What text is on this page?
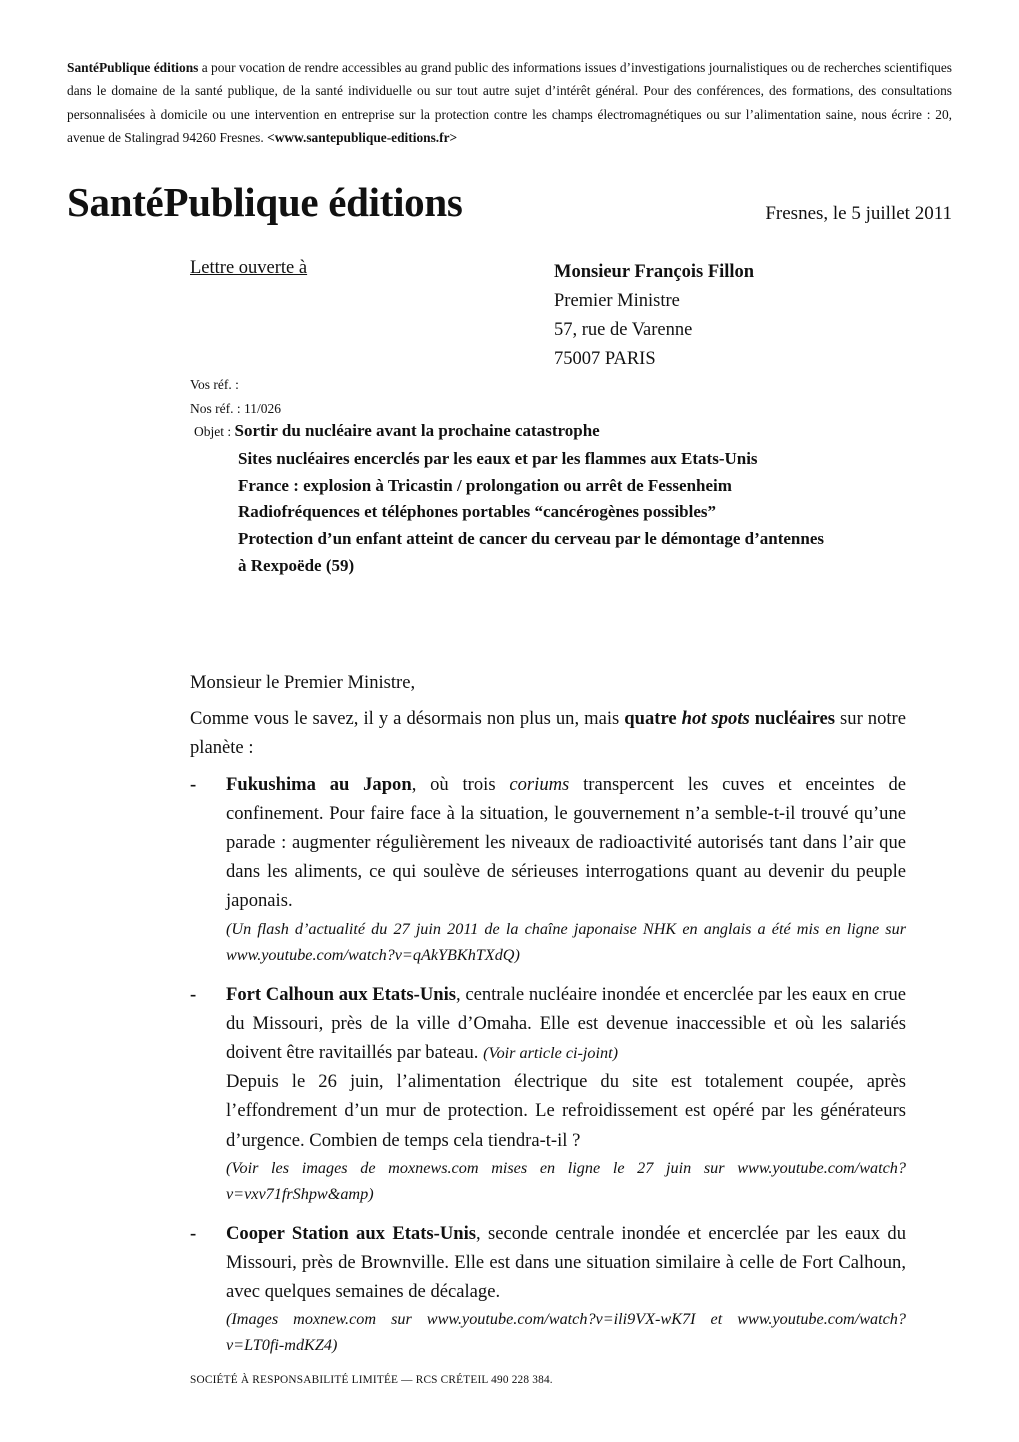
SantéPublique éditions a pour vocation de rendre accessibles au grand public des informations issues d’investigations journalistiques ou de recherches scientifiques dans le domaine de la santé publique, de la santé individuelle ou sur tout autre sujet d’intérêt général. Pour des conférences, des formations, des consultations personnalisées à domicile ou une intervention en entreprise sur la protection contre les champs électromagnétiques ou sur l’alimentation saine, nous écrire : 20, avenue de Stalingrad 94260 Fresnes. <www.santepublique-editions.fr>
SantéPublique éditions	Fresnes, le 5 juillet 2011
Lettre ouverte à	Monsieur François Fillon
Premier Ministre
57, rue de Varenne
75007 PARIS
Vos réf. :
Nos réf. : 11/026
Objet : Sortir du nucléaire avant la prochaine catastrophe
Sites nucléaires encerclés par les eaux et par les flammes aux Etats-Unis
France : explosion à Tricastin / prolongation ou arrêt de Fessenheim
Radiofréquences et téléphones portables “cancérogènes possibles”
Protection d’un enfant atteint de cancer du cerveau par le démontage d’antennes
à Rexpoëde (59)

Monsieur le Premier Ministre,

Comme vous le savez, il y a désormais non plus un, mais quatre hot spots nucléaires sur notre planète :

- Fukushima au Japon, où trois coriums transpercent les cuves et enceintes de confinement. Pour faire face à la situation, le gouvernement n’a semble-t-il trouvé qu’une parade : augmenter régulièrement les niveaux de radioactivité autorisés tant dans l’air que dans les aliments, ce qui soulève de sérieuses interrogations quant au devenir du peuple japonais.
(Un flash d’actualité du 27 juin 2011 de la chaîne japonaise NHK en anglais a été mis en ligne sur www.youtube.com/watch?v=qAkYBKhTXdQ)
- Fort Calhoun aux Etats-Unis, centrale nucléaire inondée et encerclée par les eaux en crue du Missouri, près de la ville d’Omaha. Elle est devenue inaccessible et où les salariés doivent être ravitaillés par bateau. (Voir article ci-joint)
Depuis le 26 juin, l’alimentation électrique du site est totalement coupée, après l’effondrement d’un mur de protection. Le refroidissement est opéré par les générateurs d’urgence. Combien de temps cela tiendra-t-il ?
(Voir les images de moxnews.com mises en ligne le 27 juin sur www.youtube.com/watch?v=vxv71frShpw&amp)
- Cooper Station aux Etats-Unis, seconde centrale inondée et encerclée par les eaux du Missouri, près de Brownville. Elle est dans une situation similaire à celle de Fort Calhoun, avec quelques semaines de décalage.
(Images moxnew.com sur www.youtube.com/watch?v=ili9VX-wK7I et www.youtube.com/watch?v=LT0fi-mdKZ4)
SOCIÉTÉ À RESPONSABILITÉ LIMITÉE — RCS CRÉTEIL 490 228 384.
